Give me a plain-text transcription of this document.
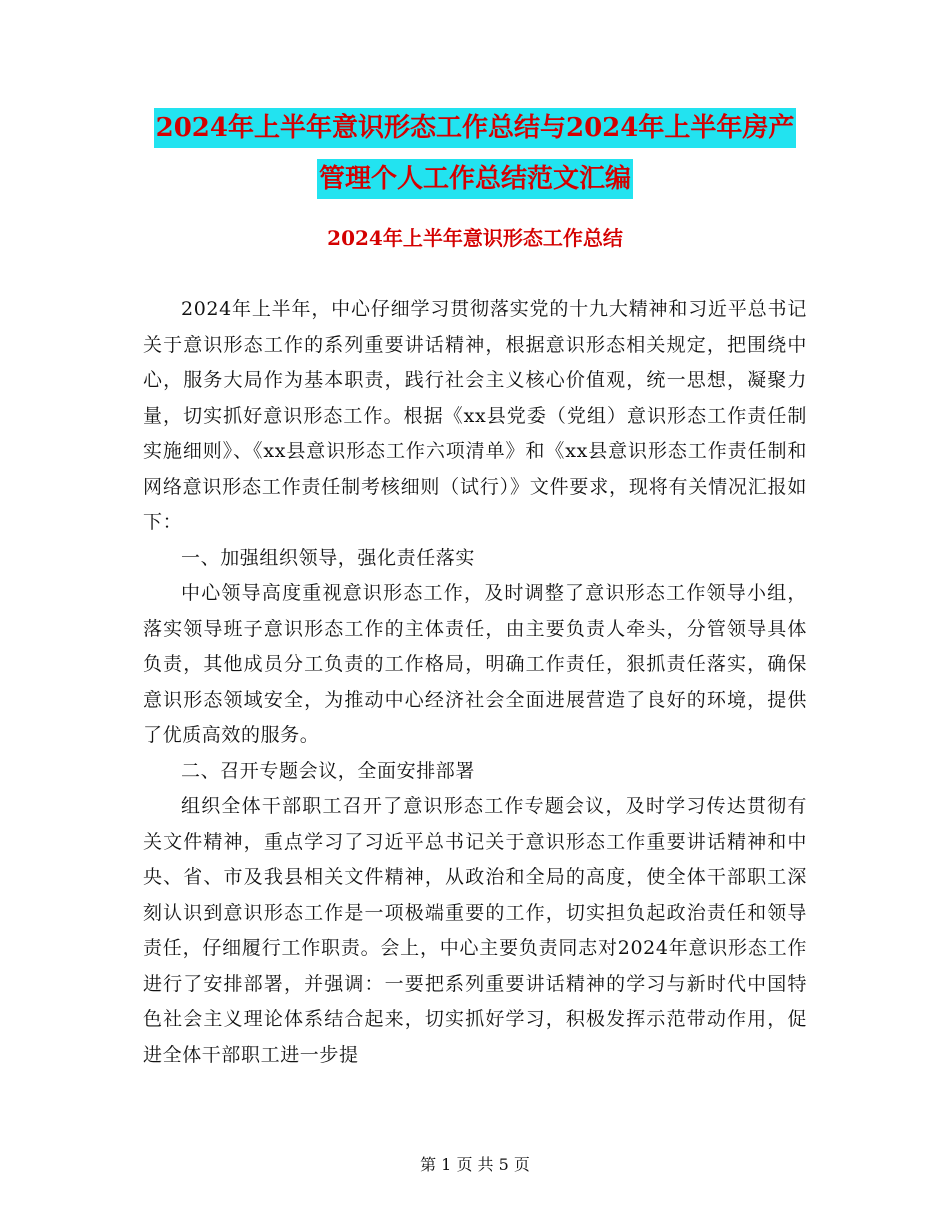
2024年上半年意识形态工作总结与2024年上半年房产
管理个人工作总结范文汇编
2024年上半年意识形态工作总结

2024年上半年，中心仔细学习贯彻落实党的十九大精神和习近平总书记关于意识形态工作的系列重要讲话精神，根据意识形态相关规定，把围绕中心，服务大局作为基本职责，践行社会主义核心价值观，统一思想，凝聚力量，切实抓好意识形态工作。根据《xx县党委（党组）意识形态工作责任制实施细则》、《xx县意识形态工作六项清单》和《xx县意识形态工作责任制和网络意识形态工作责任制考核细则（试行）》文件要求，现将有关情况汇报如下：

一、加强组织领导，强化责任落实

中心领导高度重视意识形态工作，及时调整了意识形态工作领导小组，落实领导班子意识形态工作的主体责任，由主要负责人牵头，分管领导具体负责，其他成员分工负责的工作格局，明确工作责任，狠抓责任落实，确保意识形态领域安全，为推动中心经济社会全面进展营造了良好的环境，提供了优质高效的服务。

二、召开专题会议，全面安排部署

组织全体干部职工召开了意识形态工作专题会议，及时学习传达贯彻有关文件精神，重点学习了习近平总书记关于意识形态工作重要讲话精神和中央、省、市及我县相关文件精神，从政治和全局的高度，使全体干部职工深刻认识到意识形态工作是一项极端重要的工作，切实担负起政治责任和领导责任，仔细履行工作职责。会上，中心主要负责同志对2024年意识形态工作进行了安排部署，并强调：一要把系列重要讲话精神的学习与新时代中国特色社会主义理论体系结合起来，切实抓好学习，积极发挥示范带动作用，促进全体干部职工进一步提

第 1 页 共 5 页
